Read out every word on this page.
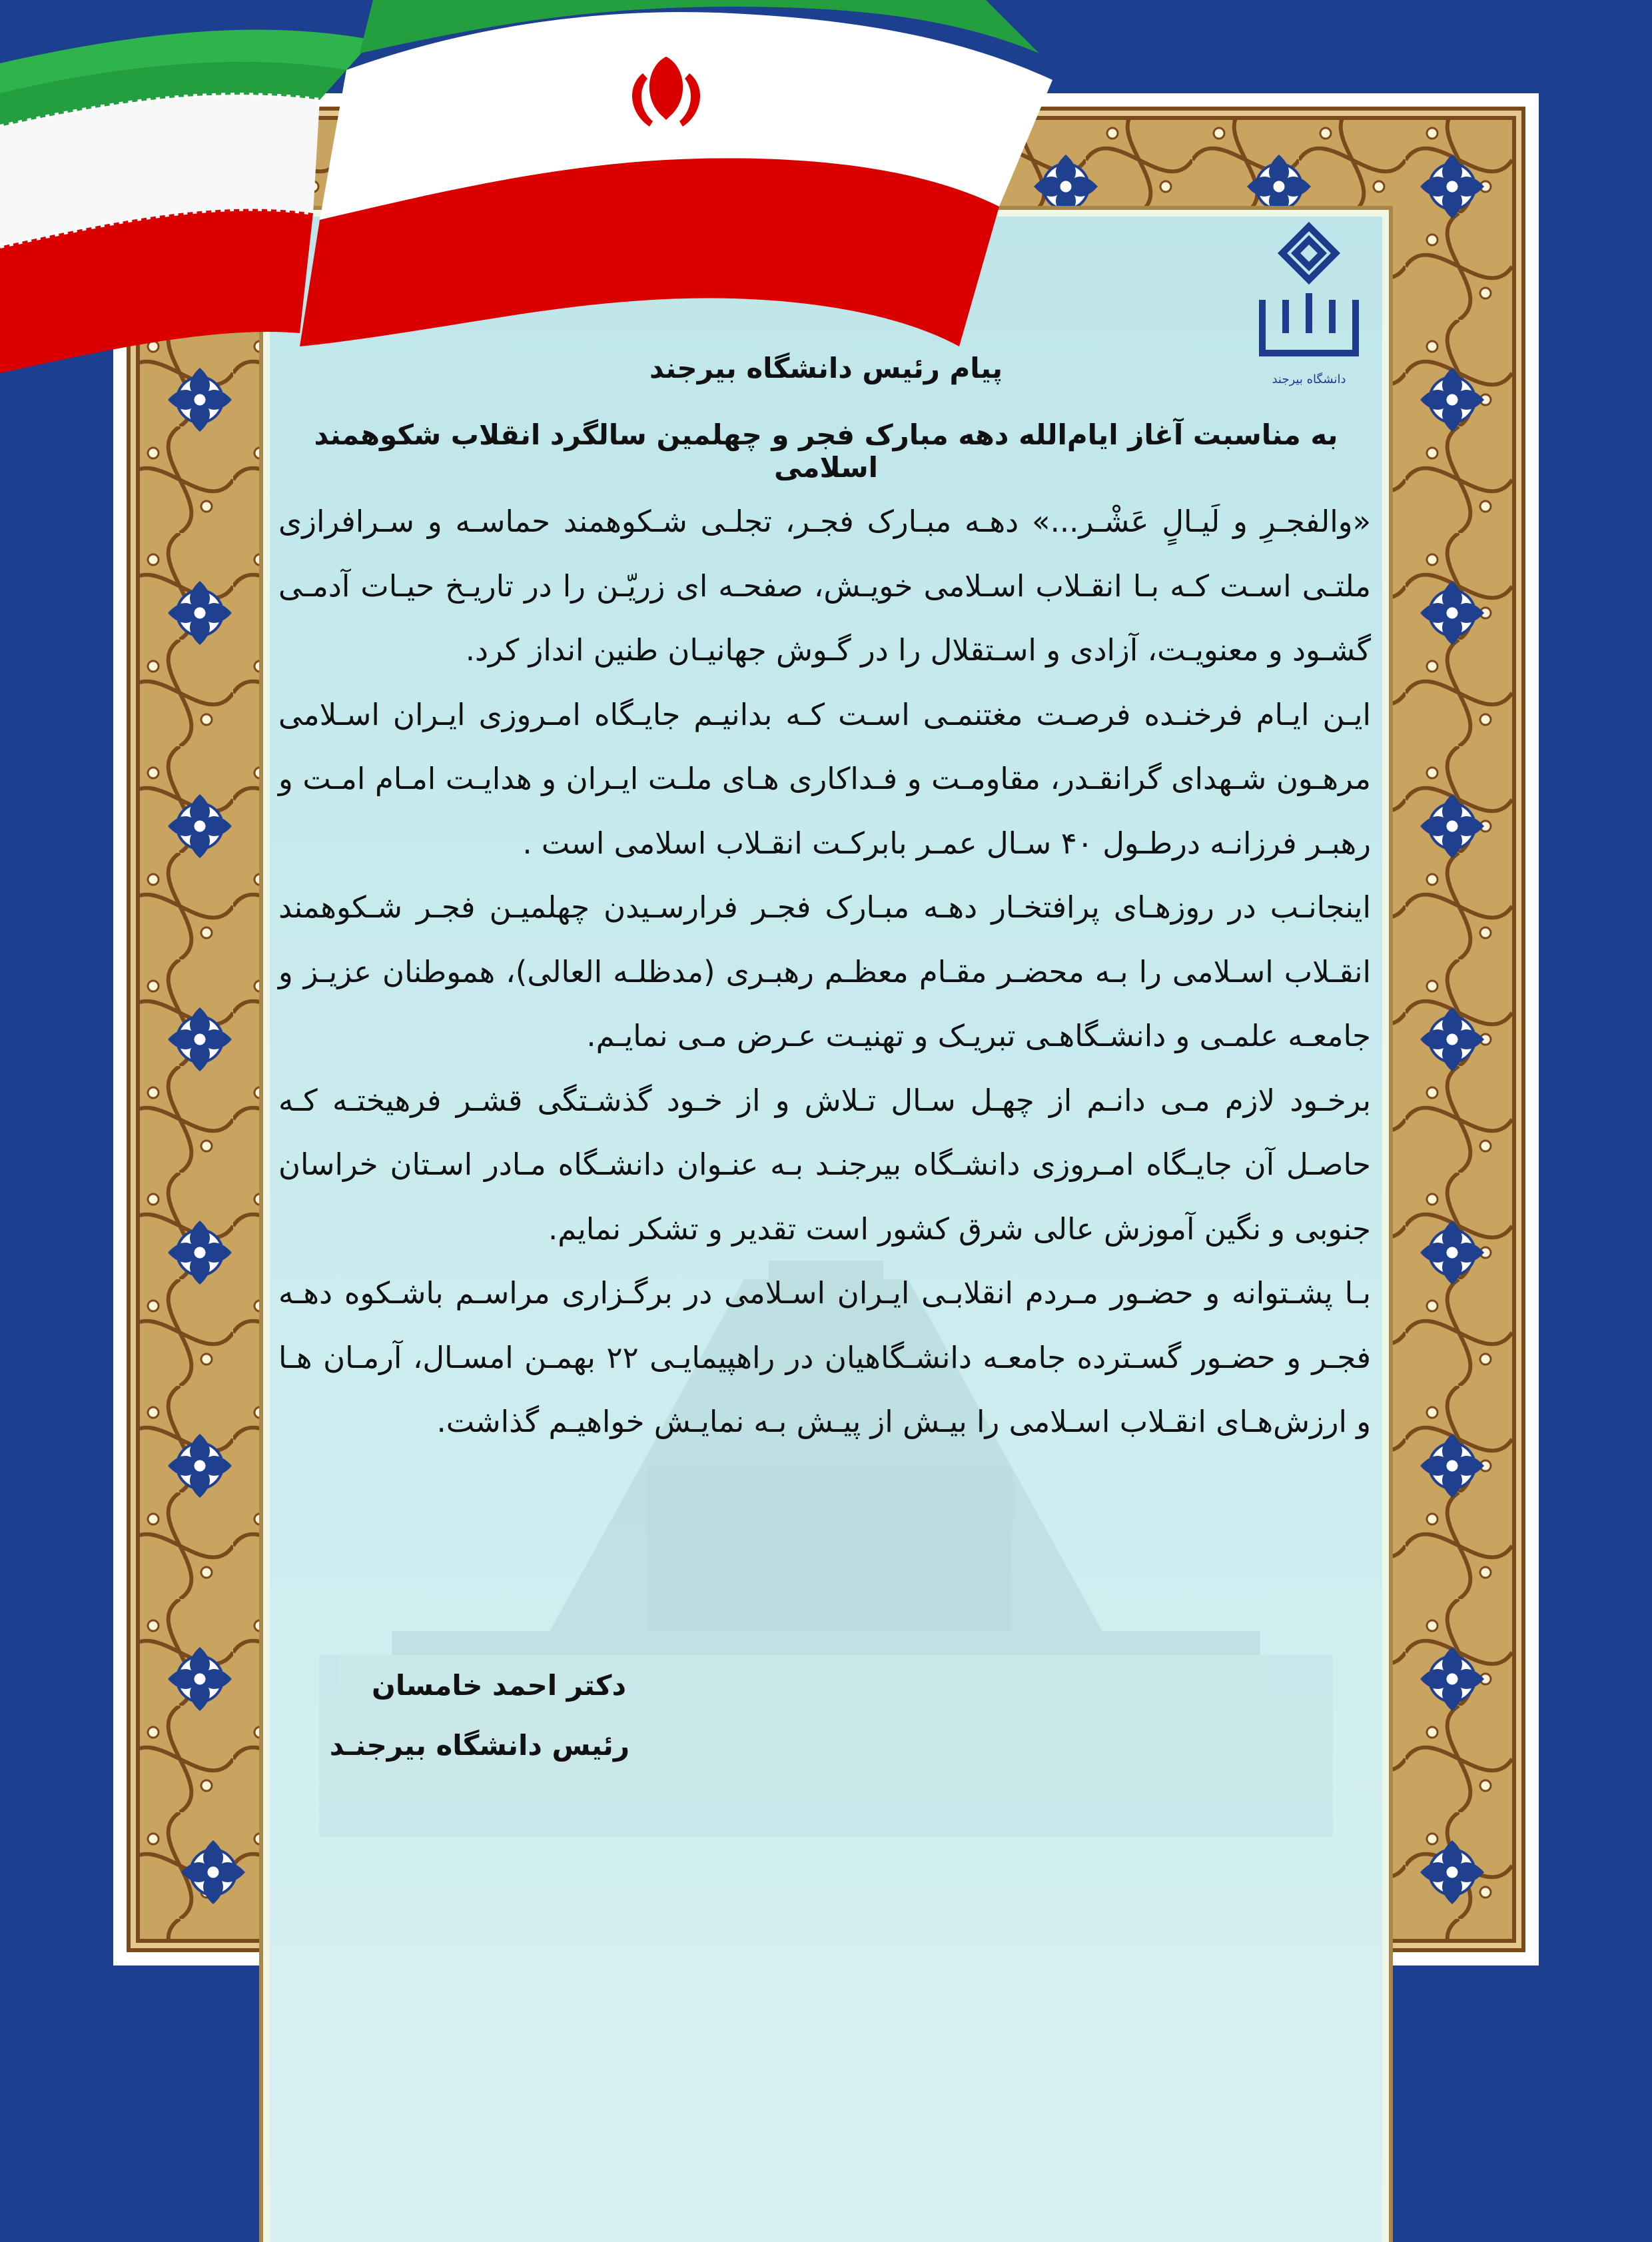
دانشگاه بیرجند
پیام رئیس دانشگاه بیرجند
به مناسبت آغاز ایام‌الله دهه مبارک فجر و چهلمین سالگرد انقلاب شکوهمند اسلامی

«والفجـرِ و لَیـالٍ عَشْـر...» دهـه مبـارک فجـر، تجلـی شـکوهمند حماسـه و سـرافرازی ملتـی اسـت کـه بـا انقـلاب اسـلامی خویـش، صفحـه ای زریّـن را در تاریـخ حیـات آدمـی گشـود و معنویـت، آزادی و اسـتقلال را در گـوش جهانیـان طنین انداز کرد.

ایـن ایـام فرخنـده فرصـت مغتنمـی اسـت کـه بدانیـم جایـگاه امـروزی ایـران اسـلامی مرهـون شـهدای گرانقـدر، مقاومـت و فـداکاری هـای ملـت ایـران و هدایـت امـام امـت و رهبـر فرزانـه درطـول ۴۰ سـال عمـر بابرکـت انقـلاب اسلامی است .

اینجانـب در روزهـای پرافتخـار دهـه مبـارک فجـر فرارسـیدن چهلمیـن فجـر شـکوهمند انقـلاب اسـلامی را بـه محضـر مقـام معظـم رهبـری (مدظلـه العالی)، هموطنان عزیـز و جامعـه علمـی و دانشـگاهـی تبریـک و تهنیـت عـرض مـی نمایـم.

برخـود لازم مـی دانـم از چهـل سـال تـلاش و از خـود گذشـتگی قشـر فرهیختـه کـه حاصـل آن جایـگاه امـروزی دانشـگاه بیرجنـد بـه عنـوان دانشـگاه مـادر اسـتان خراسان جنوبی و نگین آموزش عالی شرق کشور است تقدیر و تشکر نمایم.

بـا پشـتوانه و حضـور مـردم انقلابـی ایـران اسـلامی در برگـزاری مراسـم باشـکوه دهـه فجـر و حضـور گسـترده جامعـه دانشـگاهیان در راهپیمایـی ۲۲ بهمـن امسـال، آرمـان هـا و ارزش‌هـای انقـلاب اسـلامی را بیـش از پیـش بـه نمایـش خواهیـم گذاشت.

دکتر احمد خامسان
رئیس دانشگاه بیرجنـد
